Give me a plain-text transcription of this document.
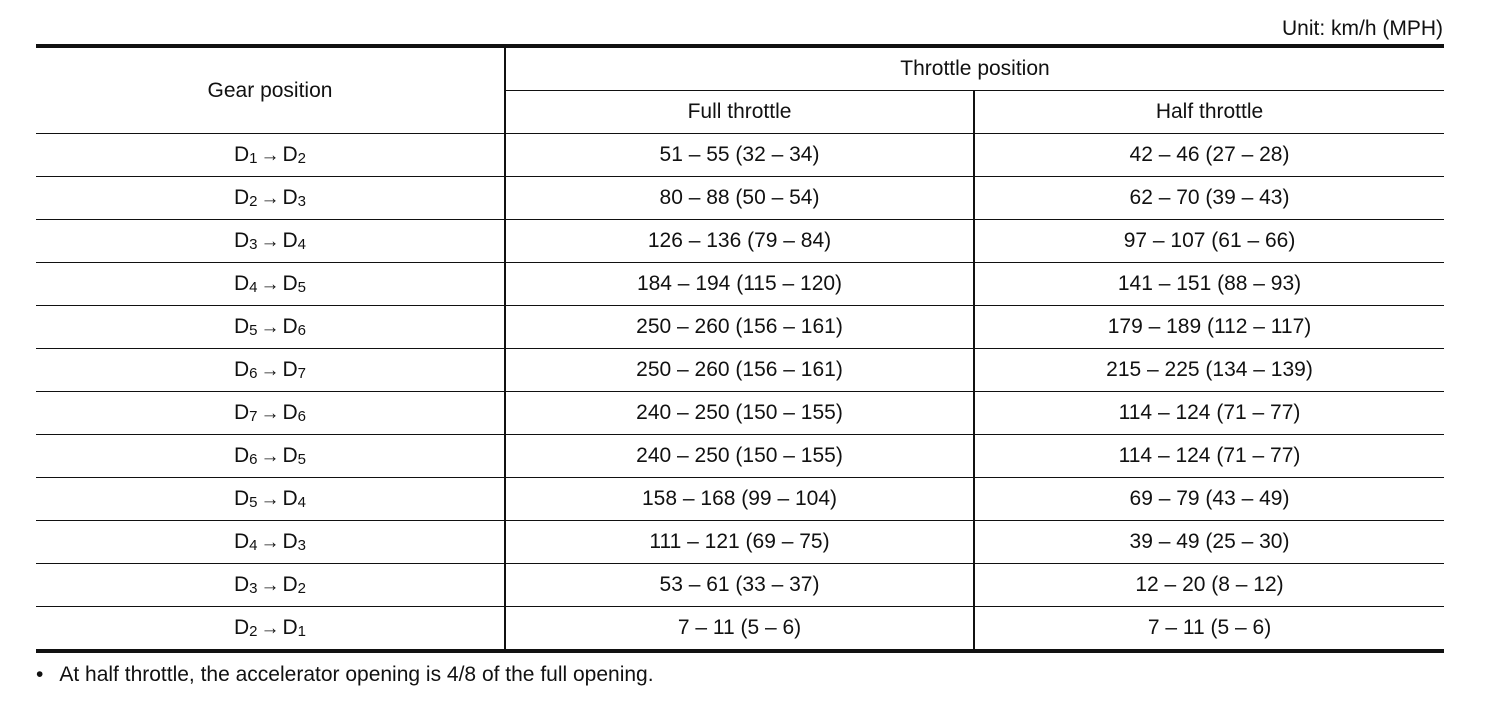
Unit: km/h (MPH)
Gear position	Throttle position	
	Full throttle	Half throttle
D1 → D2	51 – 55 (32 – 34)	42 – 46 (27 – 28)
D2 → D3	80 – 88 (50 – 54)	62 – 70 (39 – 43)
D3 → D4	126 – 136 (79 – 84)	97 – 107 (61 – 66)
D4 → D5	184 – 194 (115 – 120)	141 – 151 (88 – 93)
D5 → D6	250 – 260 (156 – 161)	179 – 189 (112 – 117)
D6 → D7	250 – 260 (156 – 161)	215 – 225 (134 – 139)
D7 → D6	240 – 250 (150 – 155)	114 – 124 (71 – 77)
D6 → D5	240 – 250 (150 – 155)	114 – 124 (71 – 77)
D5 → D4	158 – 168 (99 – 104)	69 – 79 (43 – 49)
D4 → D3	111 – 121 (69 – 75)	39 – 49 (25 – 30)
D3 → D2	53 – 61 (33 – 37)	12 – 20 (8 – 12)
D2 → D1	7 – 11 (5 – 6)	7 – 11 (5 – 6)
• At half throttle, the accelerator opening is 4/8 of the full opening.
